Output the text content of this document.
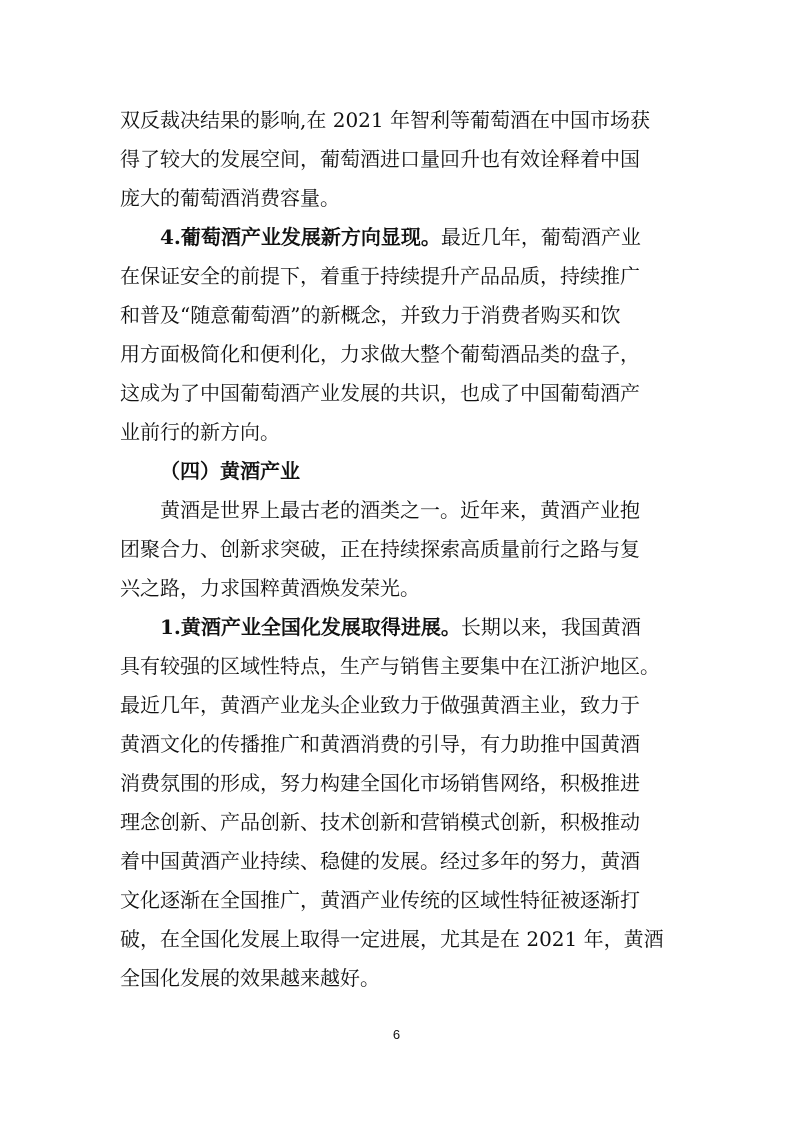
双反裁决结果的影响,在 2021 年智利等葡萄酒在中国市场获
得了较大的发展空间，葡萄酒进口量回升也有效诠释着中国
庞大的葡萄酒消费容量。
4.葡萄酒产业发展新方向显现。最近几年，葡萄酒产业
在保证安全的前提下，着重于持续提升产品品质，持续推广
和普及“随意葡萄酒”的新概念，并致力于消费者购买和饮
用方面极简化和便利化，力求做大整个葡萄酒品类的盘子，
这成为了中国葡萄酒产业发展的共识，也成了中国葡萄酒产
业前行的新方向。
（四）黄酒产业
黄酒是世界上最古老的酒类之一。近年来，黄酒产业抱
团聚合力、创新求突破，正在持续探索高质量前行之路与复
兴之路，力求国粹黄酒焕发荣光。
1.黄酒产业全国化发展取得进展。长期以来，我国黄酒
具有较强的区域性特点，生产与销售主要集中在江浙沪地区。
最近几年，黄酒产业龙头企业致力于做强黄酒主业，致力于
黄酒文化的传播推广和黄酒消费的引导，有力助推中国黄酒
消费氛围的形成，努力构建全国化市场销售网络，积极推进
理念创新、产品创新、技术创新和营销模式创新，积极推动
着中国黄酒产业持续、稳健的发展。经过多年的努力，黄酒
文化逐渐在全国推广，黄酒产业传统的区域性特征被逐渐打
破，在全国化发展上取得一定进展，尤其是在 2021 年，黄酒
全国化发展的效果越来越好。
6
